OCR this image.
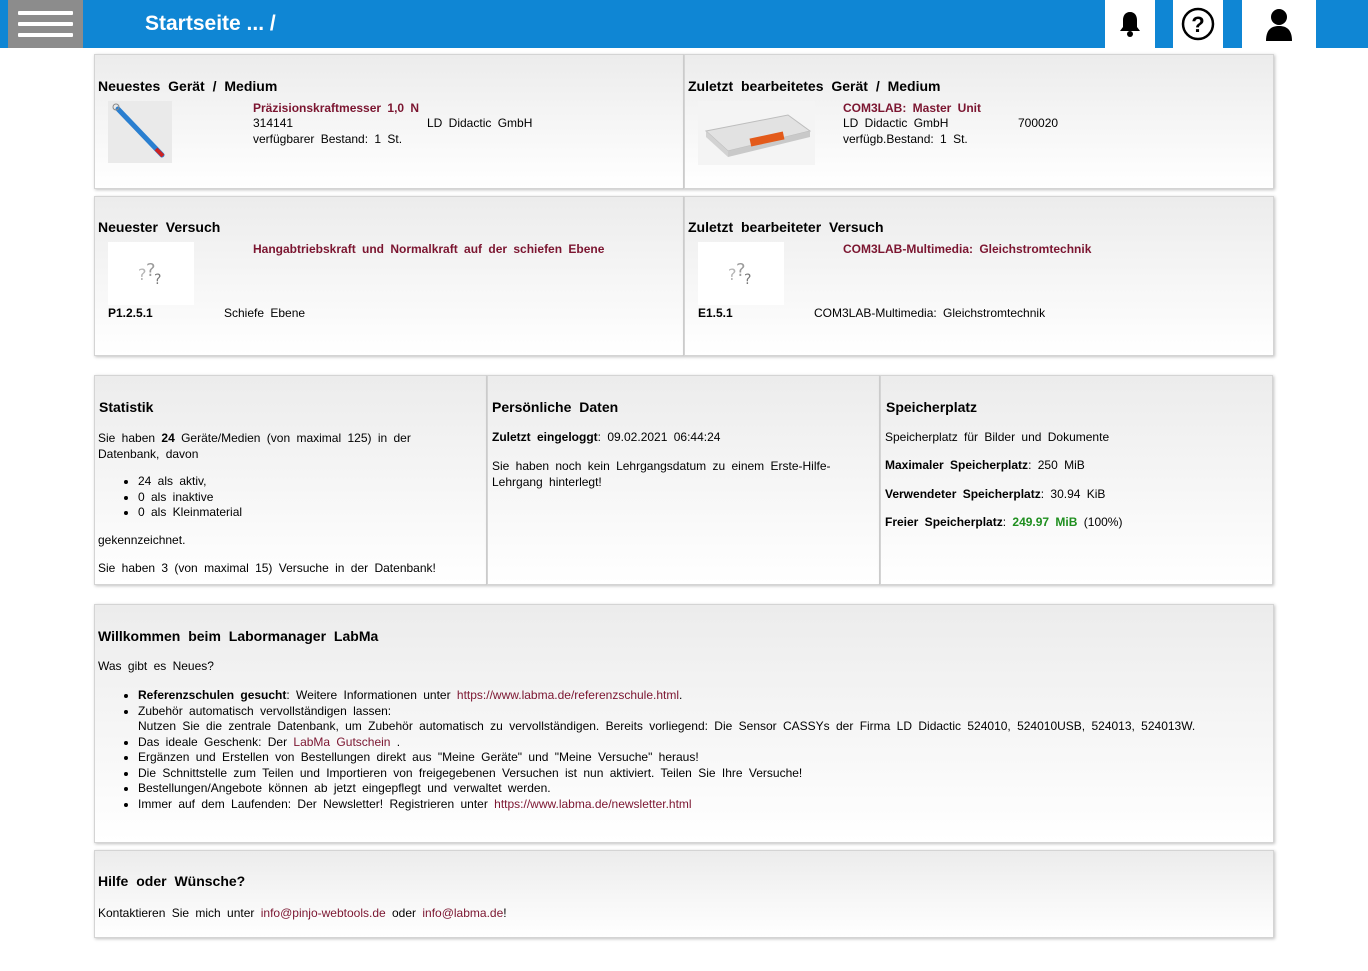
Startseite ... /	?
Neuestes Gerät / Medium
Präzisionskraftmesser 1,0 N
314141	LD Didactic GmbH
verfügbarer Bestand: 1 St.
Zuletzt bearbeitetes Gerät / Medium
COM3LAB: Master Unit
LD Didactic GmbH	700020
verfügb.Bestand: 1 St.
Neuester Versuch
? ?
?
Hangabtriebskraft und Normalkraft auf der schiefen Ebene
P1.2.5.1	Schiefe Ebene
Zuletzt bearbeiteter Versuch
? ?
?
COM3LAB-Multimedia: Gleichstromtechnik
E1.5.1	COM3LAB-Multimedia: Gleichstromtechnik
Statistik
Sie haben 24 Geräte/Medien (von maximal 125) in der Datenbank, davon
• 24 als aktiv,
• 0 als inaktive
• 0 als Kleinmaterial
gekennzeichnet.
Sie haben 3 (von maximal 15) Versuche in der Datenbank!
Persönliche Daten
Zuletzt eingeloggt: 09.02.2021 06:44:24
Sie haben noch kein Lehrgangsdatum zu einem Erste-Hilfe-Lehrgang hinterlegt!
Speicherplatz
Speicherplatz für Bilder und Dokumente
Maximaler Speicherplatz: 250 MiB
Verwendeter Speicherplatz: 30.94 KiB
Freier Speicherplatz: 249.97 MiB (100%)
Willkommen beim Labormanager LabMa
Was gibt es Neues?
• Referenzschulen gesucht: Weitere Informationen unter https://www.labma.de/referenzschule.html.
• Zubehör automatisch vervollständigen lassen:
Nutzen Sie die zentrale Datenbank, um Zubehör automatisch zu vervollständigen. Bereits vorliegend: Die Sensor CASSYs der Firma LD Didactic 524010, 524010USB, 524013, 524013W.
• Das ideale Geschenk: Der LabMa Gutschein .
• Ergänzen und Erstellen von Bestellungen direkt aus "Meine Geräte" und "Meine Versuche" heraus!
• Die Schnittstelle zum Teilen und Importieren von freigegebenen Versuchen ist nun aktiviert. Teilen Sie Ihre Versuche!
• Bestellungen/Angebote können ab jetzt eingepflegt und verwaltet werden.
• Immer auf dem Laufenden: Der Newsletter! Registrieren unter https://www.labma.de/newsletter.html
Hilfe oder Wünsche?
Kontaktieren Sie mich unter info@pinjo-webtools.de oder info@labma.de!
